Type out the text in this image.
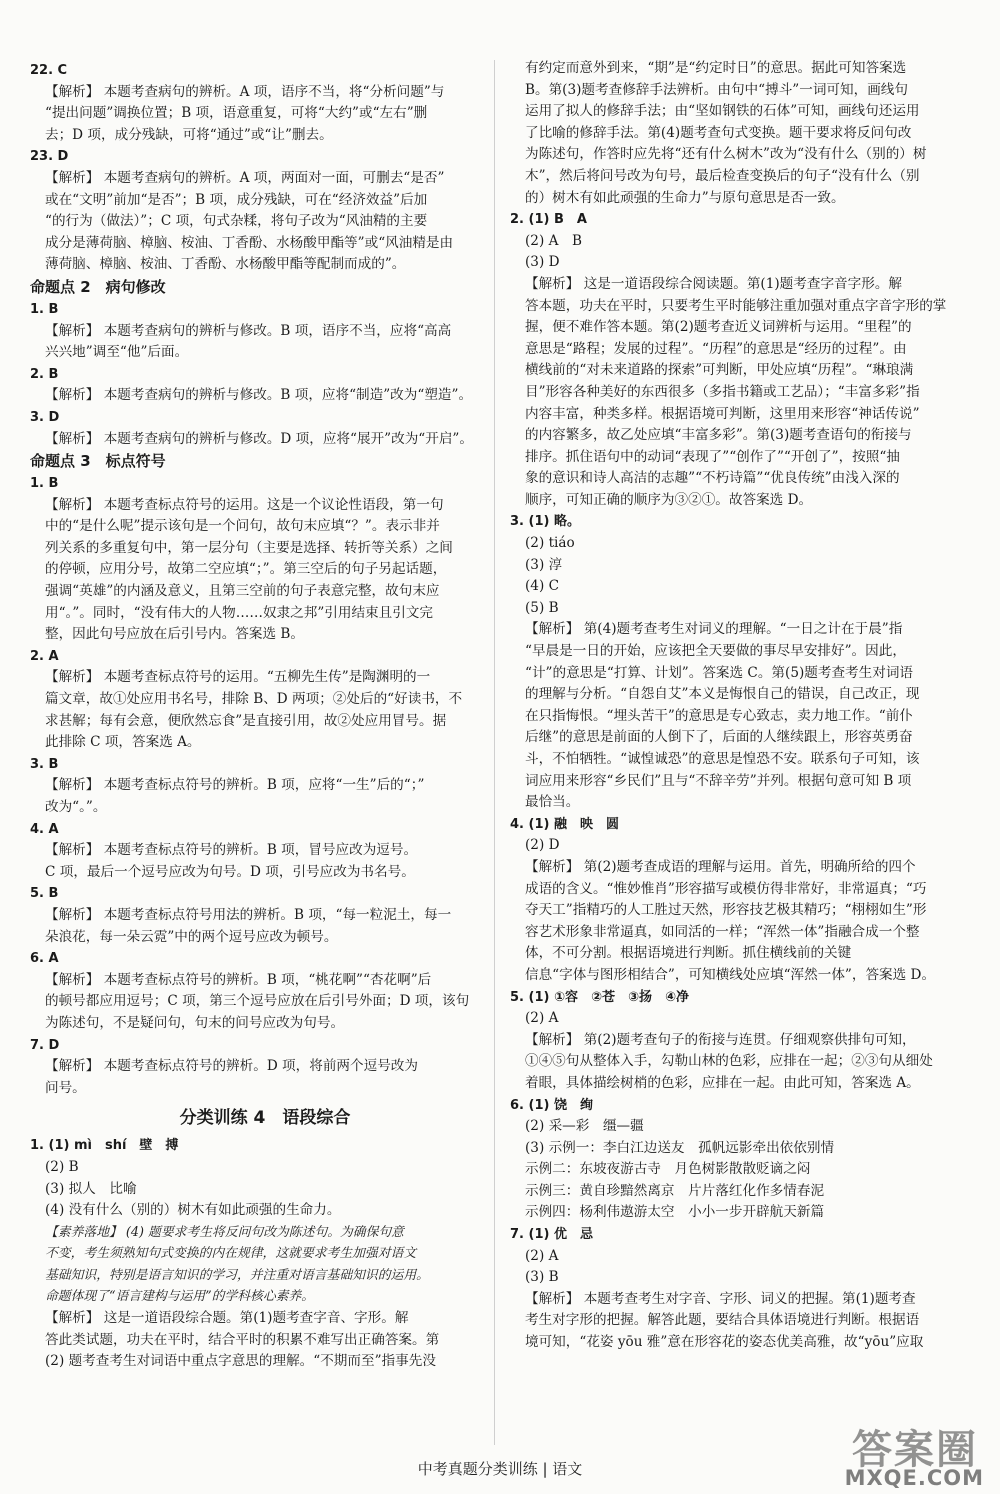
22. C
【解析】 本题考查病句的辨析。A 项，语序不当，将“分析问题”与
“提出问题”调换位置；B 项，语意重复，可将“大约”或“左右”删
去；D 项，成分残缺，可将“通过”或“让”删去。
23. D
【解析】 本题考查病句的辨析。A 项，两面对一面，可删去“是否”
或在“文明”前加“是否”；B 项，成分残缺，可在“经济效益”后加
“的行为（做法）”；C 项，句式杂糅，将句子改为“风油精的主要
成分是薄荷脑、樟脑、桉油、丁香酚、水杨酸甲酯等”或“风油精是由
薄荷脑、樟脑、桉油、丁香酚、水杨酸甲酯等配制而成的”。
命题点 2　病句修改
1. B
【解析】 本题考查病句的辨析与修改。B 项，语序不当，应将“高高
兴兴地”调至“他”后面。
2. B
【解析】 本题考查病句的辨析与修改。B 项，应将“制造”改为“塑造”。
3. D
【解析】 本题考查病句的辨析与修改。D 项，应将“展开”改为“开启”。
命题点 3　标点符号
1. B
【解析】 本题考查标点符号的运用。这是一个议论性语段，第一句
中的“是什么呢”提示该句是一个问句，故句末应填“？”。表示非并
列关系的多重复句中，第一层分句（主要是选择、转折等关系）之间
的停顿，应用分号，故第二空应填“；”。第三空后的句子另起话题，
强调“英雄”的内涵及意义，且第三空前的句子表意完整，故句末应
用“。”。同时，“没有伟大的人物……奴隶之邦”引用结束且引文完
整，因此句号应放在后引号内。答案选 B。
2. A
【解析】 本题考查标点符号的运用。“五柳先生传”是陶渊明的一
篇文章，故①处应用书名号，排除 B、D 两项；②处后的“好读书，不
求甚解；每有会意，便欣然忘食”是直接引用，故②处应用冒号。据
此排除 C 项，答案选 A。
3. B
【解析】 本题考查标点符号的辨析。B 项，应将“一生”后的“；”
改为“。”。
4. A
【解析】 本题考查标点符号的辨析。B 项，冒号应改为逗号。
C 项，最后一个逗号应改为句号。D 项，引号应改为书名号。
5. B
【解析】 本题考查标点符号用法的辨析。B 项，“每一粒泥土，每一
朵浪花，每一朵云霓”中的两个逗号应改为顿号。
6. A
【解析】 本题考查标点符号的辨析。B 项，“桃花啊”“杏花啊”后
的顿号都应用逗号；C 项，第三个逗号应放在后引号外面；D 项，该句
为陈述句，不是疑问句，句末的问号应改为句号。
7. D
【解析】 本题考查标点符号的辨析。D 项，将前两个逗号改为
问号。
分类训练 4　语段综合
1. (1) mì　shí　壁　搏
(2) B
(3) 拟人　比喻
(4) 没有什么（别的）树木有如此顽强的生命力。
【素养落地】 (4) 题要求考生将反问句改为陈述句。为确保句意
不变，考生须熟知句式变换的内在规律，这就要求考生加强对语文
基础知识，特别是语言知识的学习，并注重对语言基础知识的运用。
命题体现了“语言建构与运用”的学科核心素养。
【解析】 这是一道语段综合题。第(1)题考查字音、字形。解
答此类试题，功夫在平时，结合平时的积累不难写出正确答案。第
(2) 题考查考生对词语中重点字意思的理解。“不期而至”指事先没
有约定而意外到来，“期”是“约定时日”的意思。据此可知答案选
B。第(3)题考查修辞手法辨析。由句中“搏斗”一词可知，画线句
运用了拟人的修辞手法；由“坚如钢铁的石体”可知，画线句还运用
了比喻的修辞手法。第(4)题考查句式变换。题干要求将反问句改
为陈述句，作答时应先将“还有什么树木”改为“没有什么（别的）树
木”，然后将问号改为句号，最后检查变换后的句子“没有什么（别
的）树木有如此顽强的生命力”与原句意思是否一致。
2. (1) B　A
(2) A　B
(3) D
【解析】 这是一道语段综合阅读题。第(1)题考查字音字形。解
答本题，功夫在平时，只要考生平时能够注重加强对重点字音字形的掌
握，便不难作答本题。第(2)题考查近义词辨析与运用。“里程”的
意思是“路程；发展的过程”。“历程”的意思是“经历的过程”。由
横线前的“对未来道路的探索”可判断，甲处应填“历程”。“琳琅满
目”形容各种美好的东西很多（多指书籍或工艺品）；“丰富多彩”指
内容丰富，种类多样。根据语境可判断，这里用来形容“神话传说”
的内容繁多，故乙处应填“丰富多彩”。第(3)题考查语句的衔接与
排序。抓住语句中的动词“表现了”“创作了”“开创了”，按照“抽
象的意识和诗人高洁的志趣”“不朽诗篇”“优良传统”由浅入深的
顺序，可知正确的顺序为③②①。故答案选 D。
3. (1) 略。
(2) tiáo
(3) 淳
(4) C
(5) B
【解析】 第(4)题考查考生对词义的理解。“一日之计在于晨”指
“早晨是一日的开始，应该把全天要做的事尽早安排好”。因此，
“计”的意思是“打算、计划”。答案选 C。第(5)题考查考生对词语
的理解与分析。“自怨自艾”本义是悔恨自己的错误，自己改正，现
在只指悔恨。“埋头苦干”的意思是专心致志，卖力地工作。“前仆
后继”的意思是前面的人倒下了，后面的人继续跟上，形容英勇奋
斗，不怕牺牲。“诚惶诚恐”的意思是惶恐不安。联系句子可知，该
词应用来形容“乡民们”且与“不辞辛劳”并列。根据句意可知 B 项
最恰当。
4. (1) 融　映　圆
(2) D
【解析】 第(2)题考查成语的理解与运用。首先，明确所给的四个
成语的含义。“惟妙惟肖”形容描写或模仿得非常好，非常逼真；“巧
夺天工”指精巧的人工胜过天然，形容技艺极其精巧；“栩栩如生”形
容艺术形象非常逼真，如同活的一样；“浑然一体”指融合成一个整
体，不可分割。根据语境进行判断。抓住横线前的关键
信息“字体与图形相结合”，可知横线处应填“浑然一体”，答案选 D。
5. (1) ①容　②苍　③扬　④净
(2) A
【解析】 第(2)题考查句子的衔接与连贯。仔细观察供排句可知，
①④⑤句从整体入手，勾勒山林的色彩，应排在一起；②③句从细处
着眼，具体描绘树梢的色彩，应排在一起。由此可知，答案选 A。
6. (1) 饶　绚
(2) 采—彩　缰—疆
(3) 示例一：李白江边送友　孤帆远影牵出依依别情
示例二：东坡夜游古寺　月色树影散散贬谪之闷
示例三：黄自珍黯然离京　片片落红化作多情春泥
示例四：杨利伟遨游太空　小小一步开辟航天新篇
7. (1) 优　忌
(2) A
(3) B
【解析】 本题考查考生对字音、字形、词义的把握。第(1)题考查
考生对字形的把握。解答此题，要结合具体语境进行判断。根据语
境可知，“花姿 yōu 雅”意在形容花的姿态优美高雅，故“yōu”应取
中考真题分类训练 | 语文	答案圈
MXQE.COM
